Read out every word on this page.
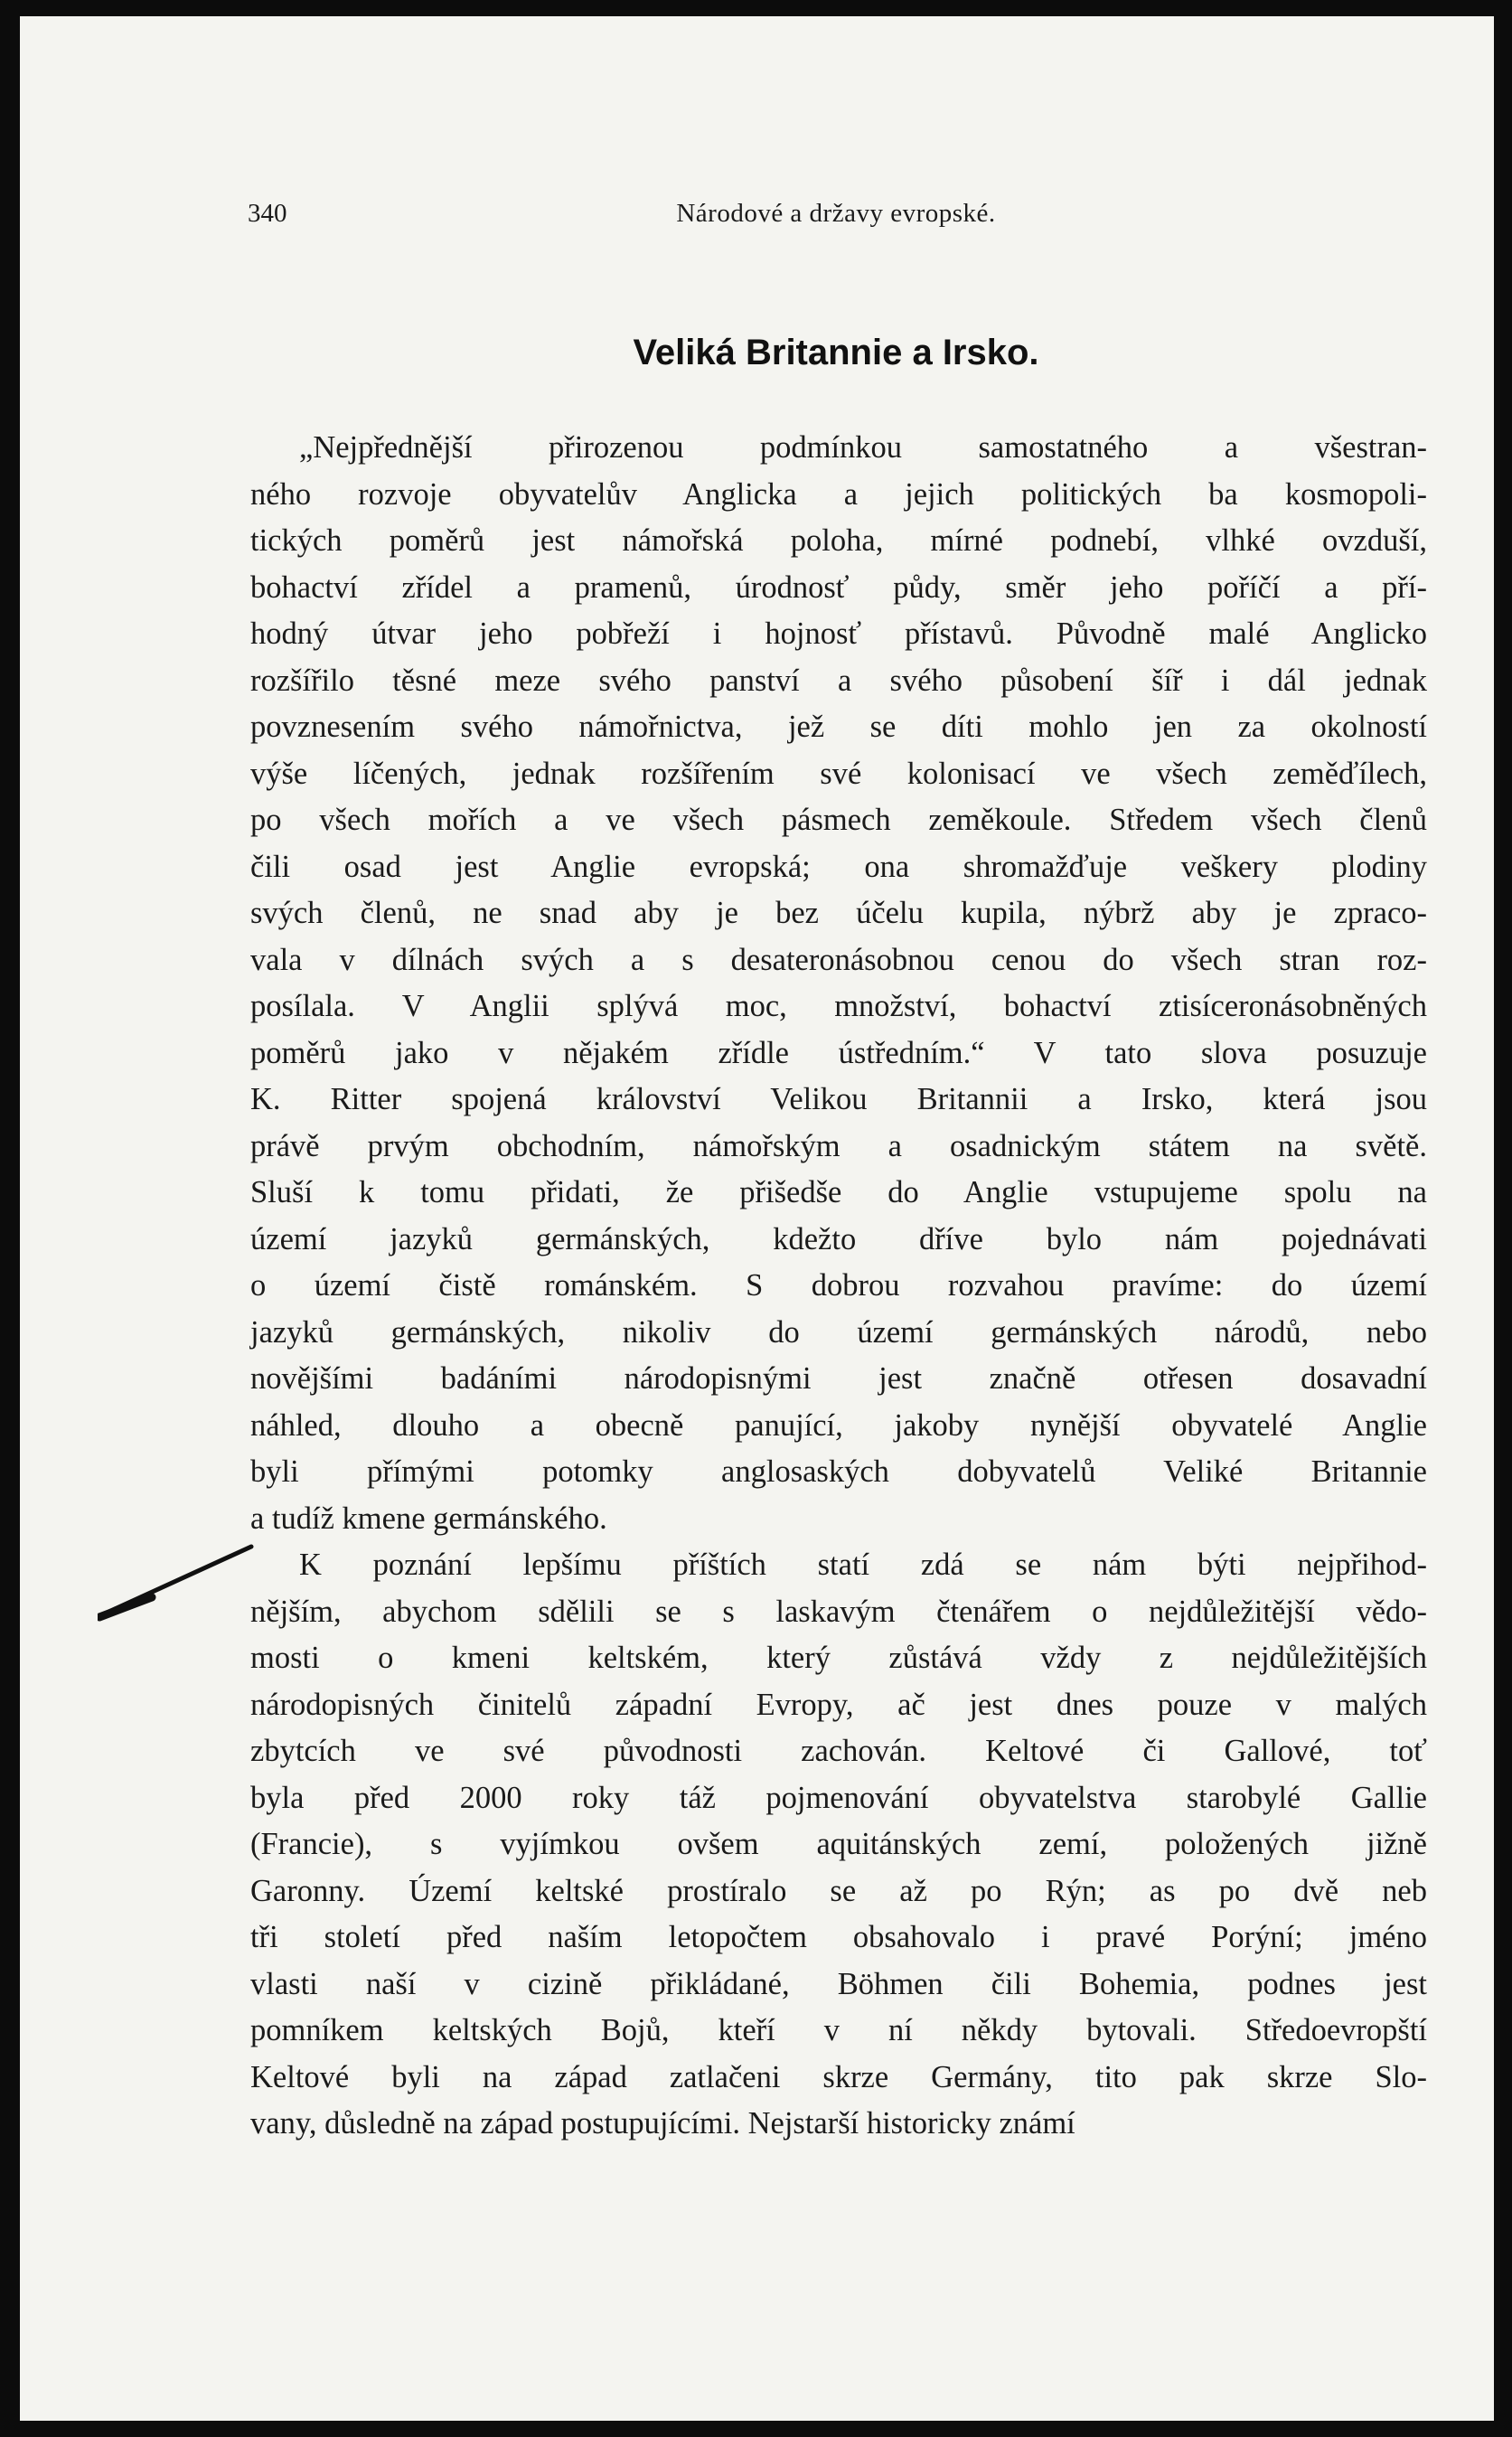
340	Národové a državy evropské.
Veliká Britannie a Irsko.
„Nejpřednější přirozenou podmínkou samostatného a všestran-
ného rozvoje obyvatelův Anglicka a jejich politických ba kosmopoli-
tických poměrů jest námořská poloha, mírné podnebí, vlhké ovzduší,
bohactví zřídel a pramenů, úrodnosť půdy, směr jeho poříčí a pří-
hodný útvar jeho pobřeží i hojnosť přístavů. Původně malé Anglicko
rozšířilo těsné meze svého panství a svého působení šíř i dál jednak
povznesením svého námořnictva, jež se díti mohlo jen za okolností
výše líčených, jednak rozšířením své kolonisací ve všech zeměďílech,
po všech mořích a ve všech pásmech zeměkoule. Středem všech členů
čili osad jest Anglie evropská; ona shromažďuje veškery plodiny
svých členů, ne snad aby je bez účelu kupila, nýbrž aby je zpraco-
vala v dílnách svých a s desateronásobnou cenou do všech stran roz-
posílala. V Anglii splývá moc, množství, bohactví ztisíceronásobněných
poměrů jako v nějakém zřídle ústředním.“ V tato slova posuzuje
K. Ritter spojená království Velikou Britannii a Irsko, která jsou
právě prvým obchodním, námořským a osadnickým státem na světě.
Sluší k tomu přidati, že přišedše do Anglie vstupujeme spolu na
území jazyků germánských, kdežto dříve bylo nám pojednávati
o území čistě románském. S dobrou rozvahou pravíme: do území
jazyků germánských, nikoliv do území germánských národů, nebo
novějšími badáními národopisnými jest značně otřesen dosavadní
náhled, dlouho a obecně panující, jakoby nynější obyvatelé Anglie
byli přímými potomky anglosaských dobyvatelů Veliké Britannie
a tudíž kmene germánského.
K poznání lepšímu příštích statí zdá se nám býti nejpřihod-
nějším, abychom sdělili se s laskavým čtenářem o nejdůležitější vědo-
mosti o kmeni keltském, který zůstává vždy z nejdůležitějších
národopisných činitelů západní Evropy, ač jest dnes pouze v malých
zbytcích ve své původnosti zachován. Keltové či Gallové, toť
byla před 2000 roky táž pojmenování obyvatelstva starobylé Gallie
(Francie), s vyjímkou ovšem aquitánských zemí, položených jižně
Garonny. Území keltské prostíralo se až po Rýn; as po dvě neb
tři století před naším letopočtem obsahovalo i pravé Porýní; jméno
vlasti naší v cizině přikládané, Böhmen čili Bohemia, podnes jest
pomníkem keltských Bojů, kteří v ní někdy bytovali. Středoevropští
Keltové byli na západ zatlačeni skrze Germány, tito pak skrze Slo-
vany, důsledně na západ postupujícími. Nejstarší historicky známí
